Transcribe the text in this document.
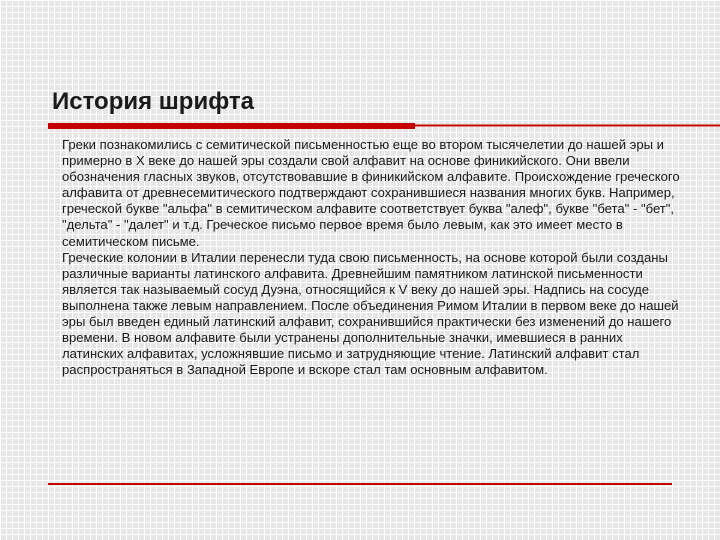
История шрифта

Греки познакомились с семитической письменностью еще во втором тысячелетии до нашей эры и примерно в Х веке до нашей эры создали свой алфавит на основе финикийского. Они ввели обозначения гласных звуков, отсутствовавшие в финикийском алфавите. Происхождение греческого алфавита от древнесемитического подтверждают сохранившиеся названия многих букв. Например, греческой букве "альфа" в семитическом алфавите соответствует буква "алеф", букве "бета" - "бет", "дельта" - "далет" и т.д. Греческое письмо первое время было левым, как это имеет место в семитическом письме.
Греческие колонии в Италии перенесли туда свою письменность, на основе которой были созданы различные варианты латинского алфавита. Древнейшим памятником латинской письменности является так называемый сосуд Дуэна, относящийся к V веку до нашей эры. Надпись на сосуде выполнена также левым направлением. После объединения Римом Италии в первом веке до нашей эры был введен единый латинский алфавит, сохранившийся практически без изменений до нашего времени. В новом алфавите были устранены дополнительные значки, имевшиеся в ранних латинских алфавитах, усложнявшие письмо и затрудняющие чтение. Латинский алфавит стал распространяться в Западной Европе и вскоре стал там основным алфавитом.
